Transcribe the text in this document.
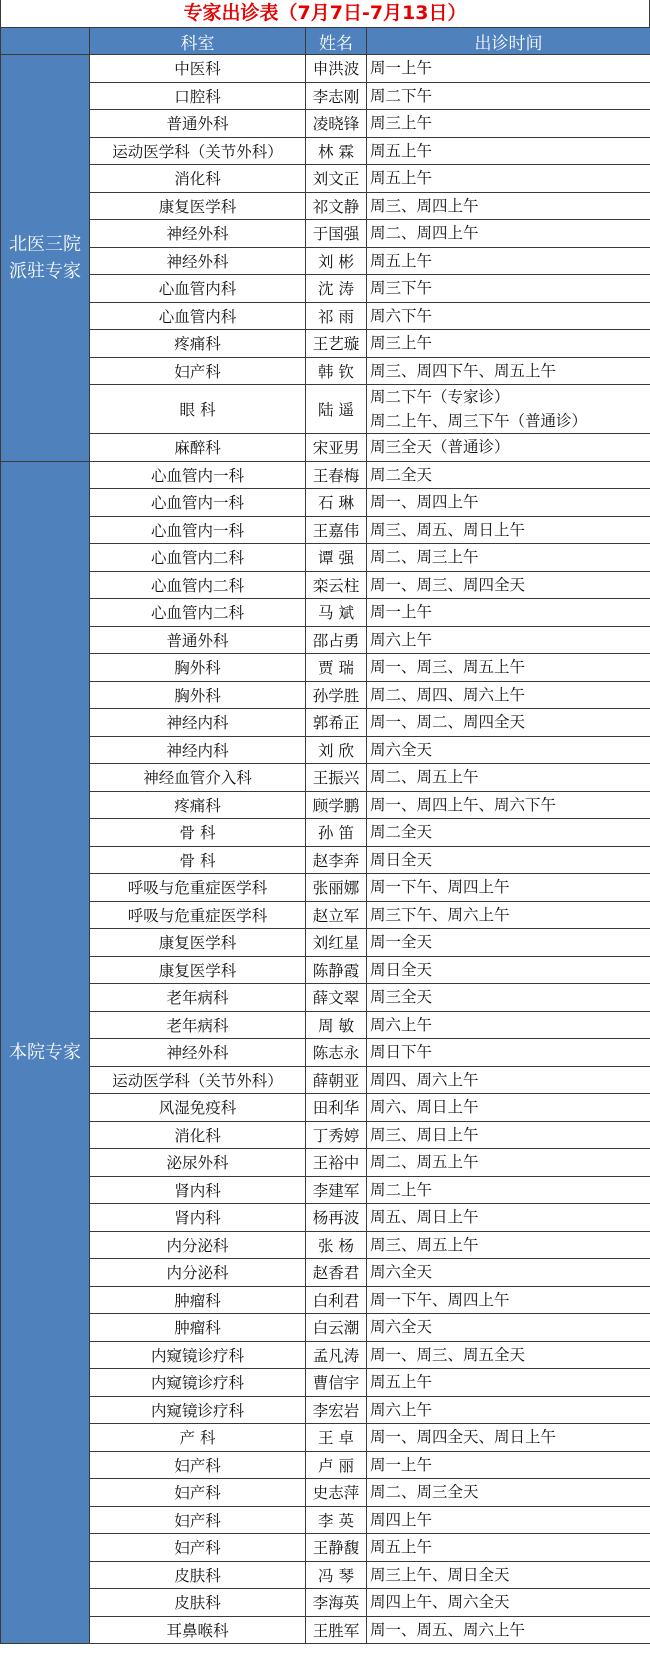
专家出诊表（7月7日-7月13日）
	科室	姓名	出诊时间
北医三院派驻专家	中医科	申洪波	周一上午
	口腔科	李志刚	周二下午
	普通外科	凌晓锋	周三上午
	运动医学科（关节外科）	林 霖	周五上午
	消化科	刘文正	周五上午
	康复医学科	祁文静	周三、周四上午
	神经外科	于国强	周二、周四上午
	神经外科	刘 彬	周五上午
	心血管内科	沈 涛	周三下午
	心血管内科	祁 雨	周六下午
	疼痛科	王艺璇	周三上午
	妇产科	韩 钦	周三、周四下午、周五上午
	眼 科	陆 遥	周二下午（专家诊）
周二上午、周三下午（普通诊）
	麻醉科	宋亚男	周三全天（普通诊）
本院专家	心血管内一科	王春梅	周二全天
	心血管内一科	石 琳	周一、周四上午
	心血管内一科	王嘉伟	周三、周五、周日上午
	心血管内二科	谭 强	周二、周三上午
	心血管内二科	栾云柱	周一、周三、周四全天
	心血管内二科	马 斌	周一上午
	普通外科	邵占勇	周六上午
	胸外科	贾 瑞	周一、周三、周五上午
	胸外科	孙学胜	周二、周四、周六上午
	神经内科	郭希正	周一、周二、周四全天
	神经内科	刘 欣	周六全天
	神经血管介入科	王振兴	周二、周五上午
	疼痛科	顾学鹏	周一、周四上午、周六下午
	骨 科	孙 笛	周二全天
	骨 科	赵李奔	周日全天
	呼吸与危重症医学科	张丽娜	周一下午、周四上午
	呼吸与危重症医学科	赵立军	周三下午、周六上午
	康复医学科	刘红星	周一全天
	康复医学科	陈静霞	周日全天
	老年病科	薛文翠	周三全天
	老年病科	周 敏	周六上午
	神经外科	陈志永	周日下午
	运动医学科（关节外科）	薛朝亚	周四、周六上午
	风湿免疫科	田利华	周六、周日上午
	消化科	丁秀婷	周三、周日上午
	泌尿外科	王裕中	周二、周五上午
	肾内科	李建军	周二上午
	肾内科	杨再波	周五、周日上午
	内分泌科	张 杨	周三、周五上午
	内分泌科	赵香君	周六全天
	肿瘤科	白利君	周一下午、周四上午
	肿瘤科	白云潮	周六全天
	内窥镜诊疗科	孟凡涛	周一、周三、周五全天
	内窥镜诊疗科	曹信宇	周五上午
	内窥镜诊疗科	李宏岩	周六上午
	产 科	王 卓	周一、周四全天、周日上午
	妇产科	卢 丽	周一上午
	妇产科	史志萍	周二、周三全天
	妇产科	李 英	周四上午
	妇产科	王静馥	周五上午
	皮肤科	冯 琴	周三上午、周日全天
	皮肤科	李海英	周四上午、周六全天
	耳鼻喉科	王胜军	周一、周五、周六上午
